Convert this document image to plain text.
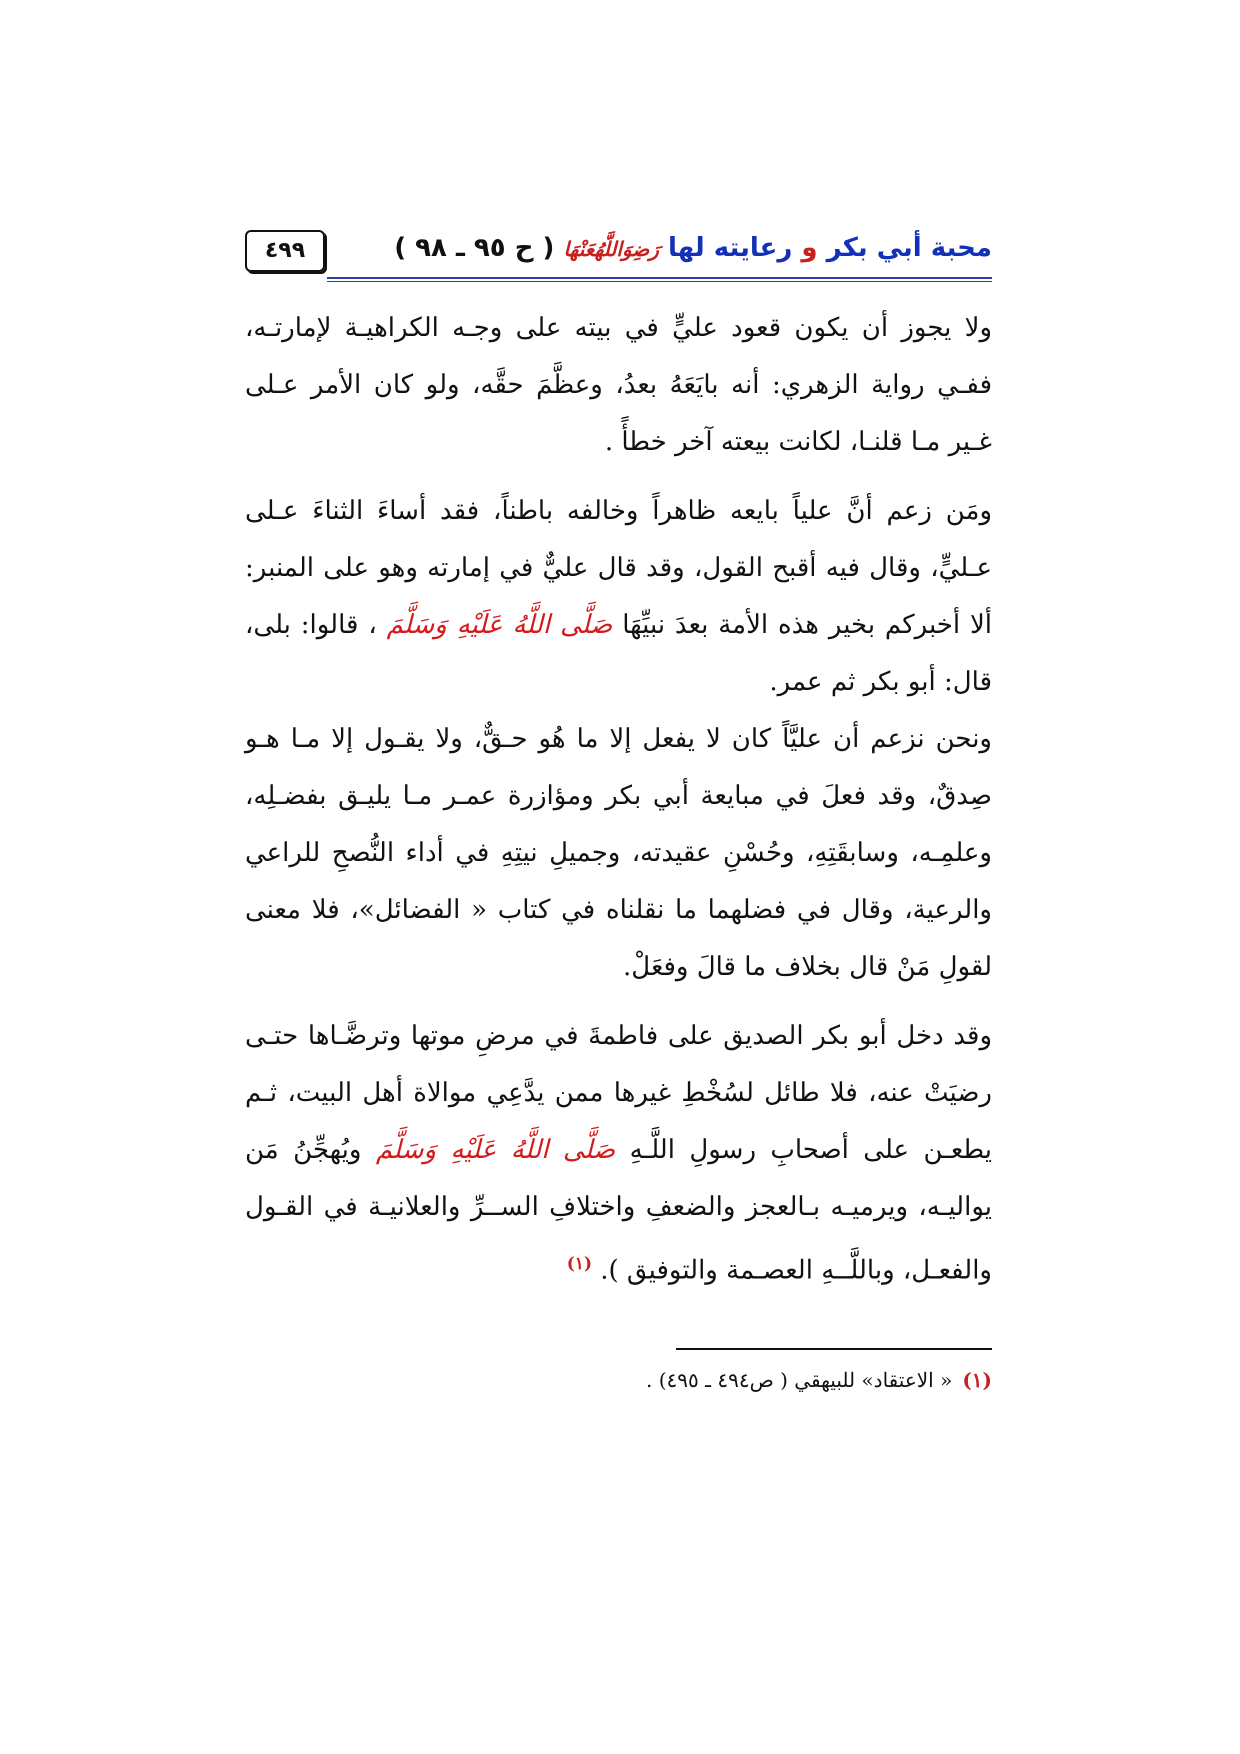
محبة أبي بكر و رعايته لها رَضِوَاللَّهُعَنْهَا ( ح ٩٥ ـ ٩٨ )
٤٩٩

ولا يجوز أن يكون قعود عليٍّ في بيته على وجـه الكراهيـة لإمارتـه، ففـي رواية الزهري: أنه بايَعَهُ بعدُ، وعظَّمَ حقَّه، ولو كان الأمر عـلى غـير مـا قلنـا، لكانت بيعته آخر خطأً .

ومَن زعم أنَّ علياً بايعه ظاهراً وخالفه باطناً، فقد أساءَ الثناءَ عـلى عـليٍّ، وقال فيه أقبح القول، وقد قال عليٌّ في إمارته وهو على المنبر: ألا أخبركم بخير هذه الأمة بعدَ نبيِّهَا صَلَّى اللَّهُ عَلَيْهِ وَسَلَّمَ ، قالوا: بلى، قال: أبو بكر ثم عمر.

ونحن نزعم أن عليَّاً كان لا يفعل إلا ما هُو حـقٌّ، ولا يقـول إلا مـا هـو صِدقٌ، وقد فعلَ في مبايعة أبي بكر ومؤازرة عمـر مـا يليـق بفضـلِه، وعلمِـه، وسابقَتِهِ، وحُسْنِ عقيدته، وجميلِ نيتِهِ في أداء النُّصحِ للراعي والرعية، وقال في فضلهما ما نقلناه في كتاب « الفضائل»، فلا معنى لقولِ مَنْ قال بخلاف ما قالَ وفعَلْ.

وقد دخل أبو بكر الصديق على فاطمةَ في مرضِ موتها وترضَّـاها حتـى رضيَتْ عنه، فلا طائل لسُخْطِ غيرها ممن يدَّعِي موالاة أهل البيت، ثـم يطعـن على أصحابِ رسولِ اللَّـهِ صَلَّى اللَّهُ عَلَيْهِ وَسَلَّمَ ويُهجِّنُ مَن يواليـه، ويرميـه بـالعجز والضعفِ واختلافِ الســرِّ والعلانيـة في القـول والفعـل، وباللَّــهِ العصـمة والتوفيق ). $^{(١)}$

(١)« الاعتقاد» للبيهقي ( ص٤٩٤ ـ ٤٩٥) .
